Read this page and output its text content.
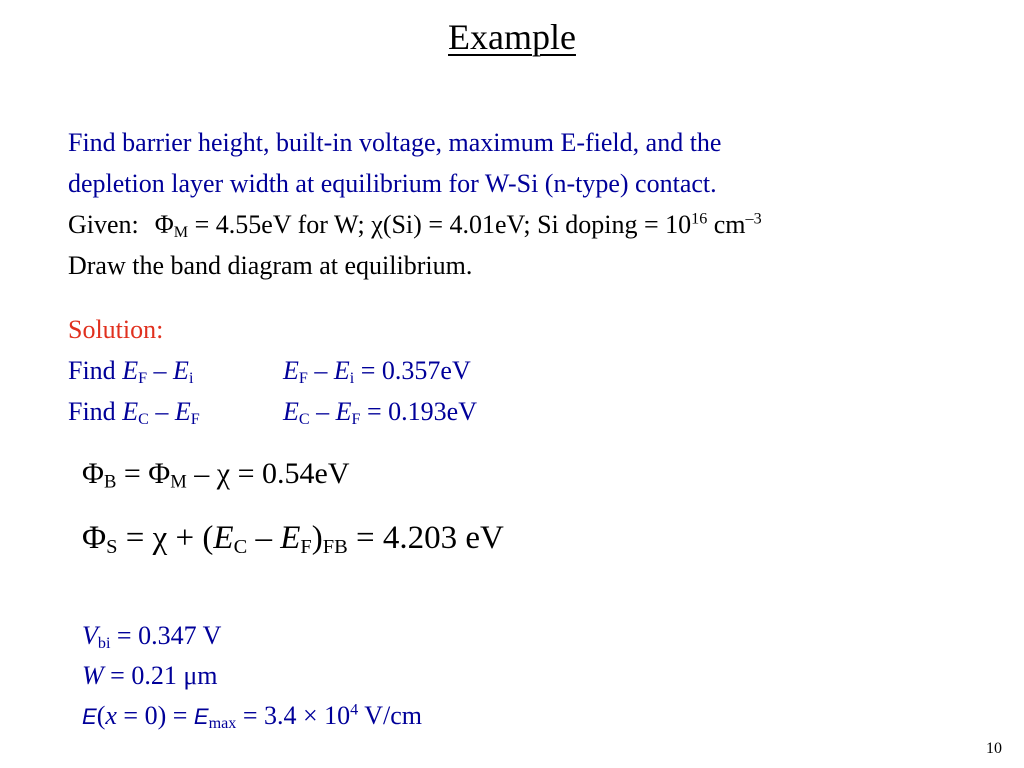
Example
Find barrier height, built-in voltage, maximum E-field, and the
depletion layer width at equilibrium for W-Si (n-type) contact.
Given: $\Phi_M = 4.55eV$ for W; χ(Si) = 4.01eV; Si doping = $10^{16}$ $cm^{-3}$
Draw the band diagram at equilibrium.
Solution:
Find $E_F - E_i$	$E_F - E_i = 0.357eV$
Find $E_C - E_F$	$E_C - E_F = 0.193eV$
$\Phi_B = \Phi_M - \chi = 0.54eV$
$\Phi_S = \chi + (E_C - E_F)_{FB} = 4.203$ eV
$V_{bi} = 0.347$ V
W = 0.21 μm
$E(x = 0) = E_{max} = 3.4 \times 10^4$ V/cm
10
